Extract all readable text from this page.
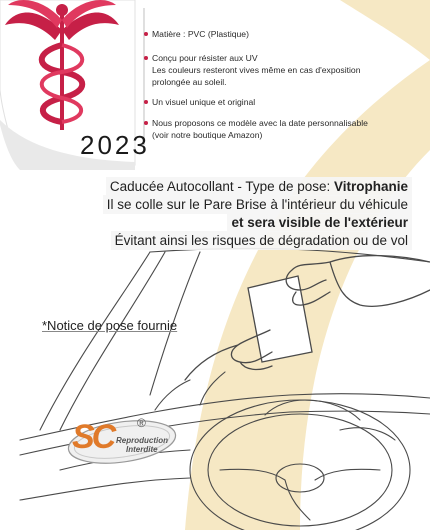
2023
Matière : PVC (Plastique)
Conçu pour résister aux UV
Les couleurs resteront vives même en cas d'exposition
prolongée au soleil.
Un visuel unique et original
Nous proposons ce modèle avec la date personnalisable
(voir notre boutique Amazon)
Caducée Autocollant - Type de pose: Vitrophanie
Il se colle sur le Pare Brise à l'intérieur du véhicule
et sera visible de l'extérieur
Évitant ainsi les risques de dégradation ou de vol
*Notice de pose fournie
SC ®
Reproduction
Interdite
